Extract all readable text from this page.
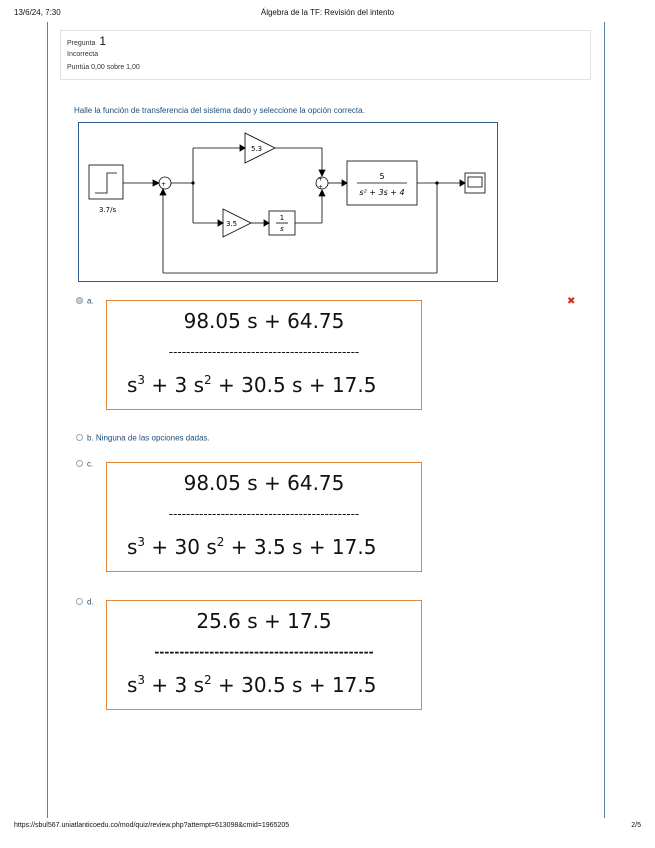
13/6/24, 7:30	Álgebra de la TF: Revisión del intento
Pregunta 1
Incorrecta
Puntúa 0,00 sobre 1,00
Halle la función de transferencia del sistema dado y seleccione la opción correcta.
+
+
+
3.7/s
5.3
3.5
1
s
5
s² + 3s + 4
a.
98.05 s + 64.75
--------------------------------------------
$s^3 + 3$ $s^2 + 30.5$ s + 17.5
✖
b. Ninguna de las opciones dadas.
c.
98.05 s + 64.75
--------------------------------------------
$s^3 + 30$ $s^2 + 3.5$ s + 17.5
d.
25.6 s + 17.5
--------------------------------------------
$s^3 + 3$ $s^2 + 30.5$ s + 17.5
https://sbul567.uniatlanticoedu.co/mod/quiz/review.php?attempt=613098&cmid=1965205	2/5
